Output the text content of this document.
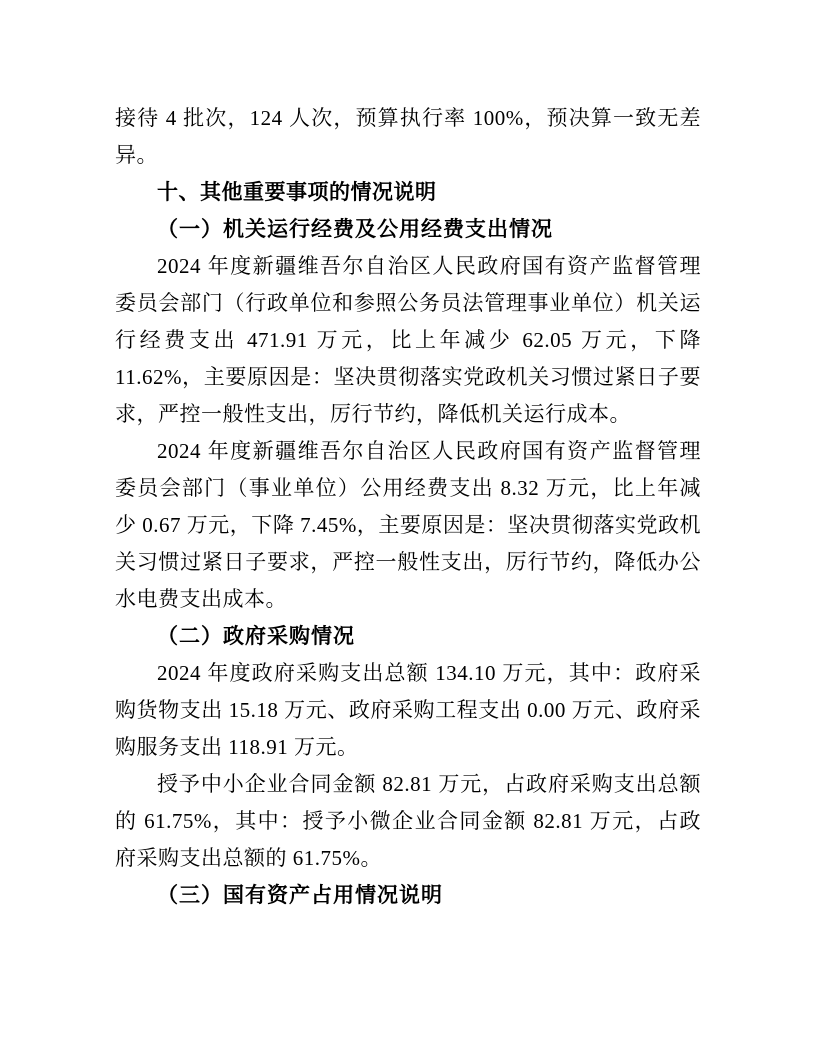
接待 4 批次，124 人次，预算执行率 100%，预决算一致无差异。

十、其他重要事项的情况说明

（一）机关运行经费及公用经费支出情况

2024 年度新疆维吾尔自治区人民政府国有资产监督管理委员会部门（行政单位和参照公务员法管理事业单位）机关运行经费支出 471.91 万元，比上年减少 62.05 万元，下降 11.62%，主要原因是：坚决贯彻落实党政机关习惯过紧日子要求，严控一般性支出，厉行节约，降低机关运行成本。

2024 年度新疆维吾尔自治区人民政府国有资产监督管理委员会部门（事业单位）公用经费支出 8.32 万元，比上年减少 0.67 万元，下降 7.45%，主要原因是：坚决贯彻落实党政机关习惯过紧日子要求，严控一般性支出，厉行节约，降低办公水电费支出成本。

（二）政府采购情况

2024 年度政府采购支出总额 134.10 万元，其中：政府采购货物支出 15.18 万元、政府采购工程支出 0.00 万元、政府采购服务支出 118.91 万元。

授予中小企业合同金额 82.81 万元，占政府采购支出总额的 61.75%，其中：授予小微企业合同金额 82.81 万元，占政府采购支出总额的 61.75%。

（三）国有资产占用情况说明
